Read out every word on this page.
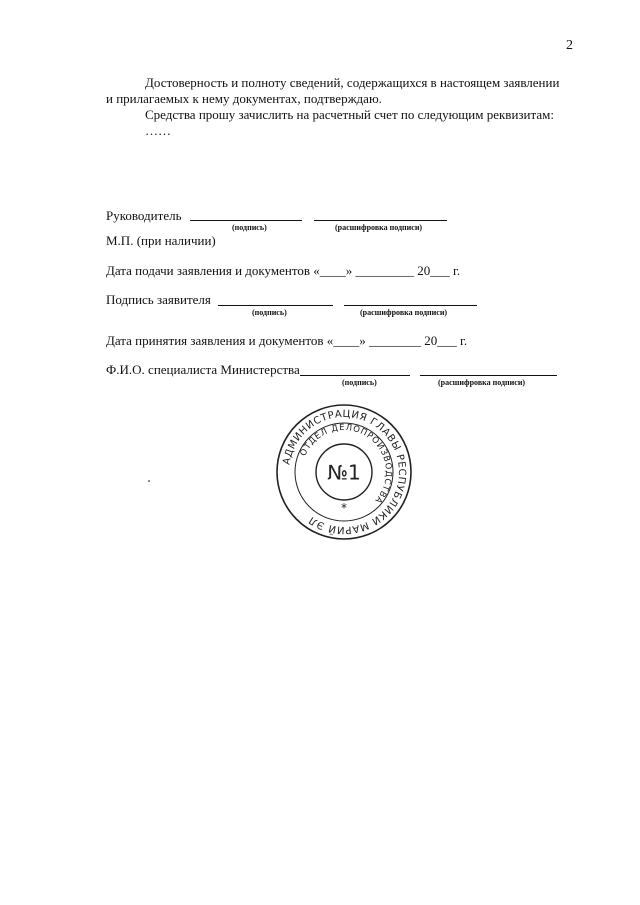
2
Достоверность и полноту сведений, содержащихся в настоящем заявлении
и прилагаемых к нему документах, подтверждаю.
Средства прошу зачислить на расчетный счет по следующим реквизитам:
……
Руководитель
(подпись)	(расшифровка подписи)
М.П. (при наличии)
Дата подачи заявления и документов «____» _________ 20___ г.
Подпись заявителя
(подпись)	(расшифровка подписи)
Дата принятия заявления и документов «____» ________ 20___ г.
Ф.И.О. специалиста Министерства
(подпись)	(расшифровка подписи)
АДМИНИСТРАЦИЯ ГЛАВЫ РЕСПУБЛИКИ МАРИЙ ЭЛ
ОТДЕЛ ДЕЛОПРОИЗВОДСТВА
№1
*
